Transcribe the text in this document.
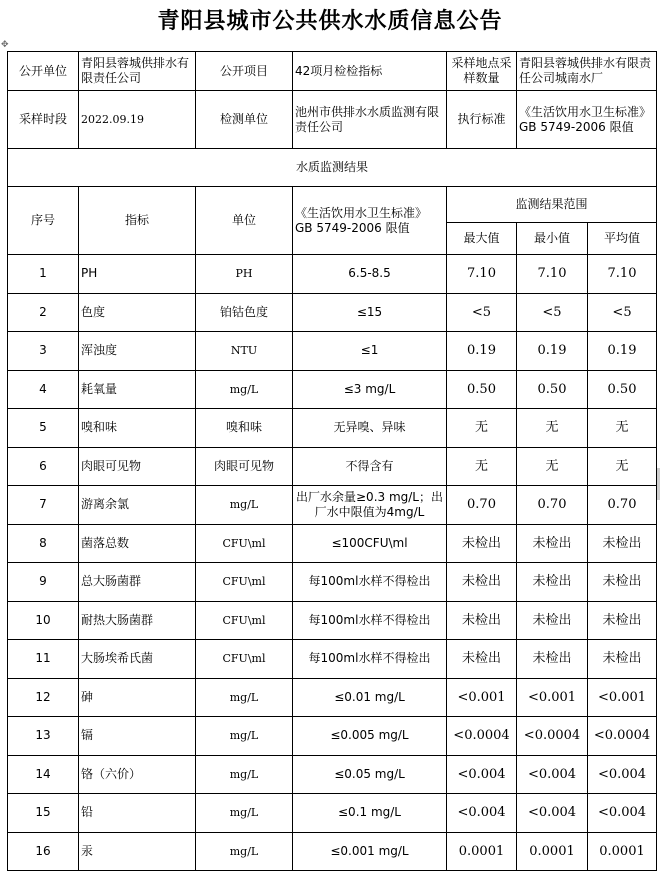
青阳县城市公共供水水质信息公告
✥
公开单位	青阳县蓉城供排水有限责任公司	公开项目	42项月检检指标	采样地点采样数量	青阳县蓉城供排水有限责任公司城南水厂	
采样时段	2022.09.19	检测单位	池州市供排水水质监测有限责任公司	执行标准	《生活饮用水卫生标准》GB 5749-2006 限值	
水质监测结果						
序号	指标	单位	《生活饮用水卫生标准》GB 5749-2006 限值	监测结果范围		
				最大值	最小值	平均值
1	PH	PH	6.5-8.5	7.10	7.10	7.10
2	色度	铂钴色度	≤15	<5	<5	<5
3	浑浊度	NTU	≤1	0.19	0.19	0.19
4	耗氧量	mg/L	≤3 mg/L	0.50	0.50	0.50
5	嗅和味	嗅和味	无异嗅、异味	无	无	无
6	肉眼可见物	肉眼可见物	不得含有	无	无	无
7	游离余氯	mg/L	出厂水余量≥0.3 mg/L；出厂水中限值为4mg/L	0.70	0.70	0.70
8	菌落总数	CFU\ml	≤100CFU\ml	未检出	未检出	未检出
9	总大肠菌群	CFU\ml	每100ml水样不得检出	未检出	未检出	未检出
10	耐热大肠菌群	CFU\ml	每100ml水样不得检出	未检出	未检出	未检出
11	大肠埃希氏菌	CFU\ml	每100ml水样不得检出	未检出	未检出	未检出
12	砷	mg/L	≤0.01 mg/L	<0.001	<0.001	<0.001
13	镉	mg/L	≤0.005 mg/L	<0.0004	<0.0004	<0.0004
14	铬（六价）	mg/L	≤0.05 mg/L	<0.004	<0.004	<0.004
15	铅	mg/L	≤0.1 mg/L	<0.004	<0.004	<0.004
16	汞	mg/L	≤0.001 mg/L	0.0001	0.0001	0.0001
